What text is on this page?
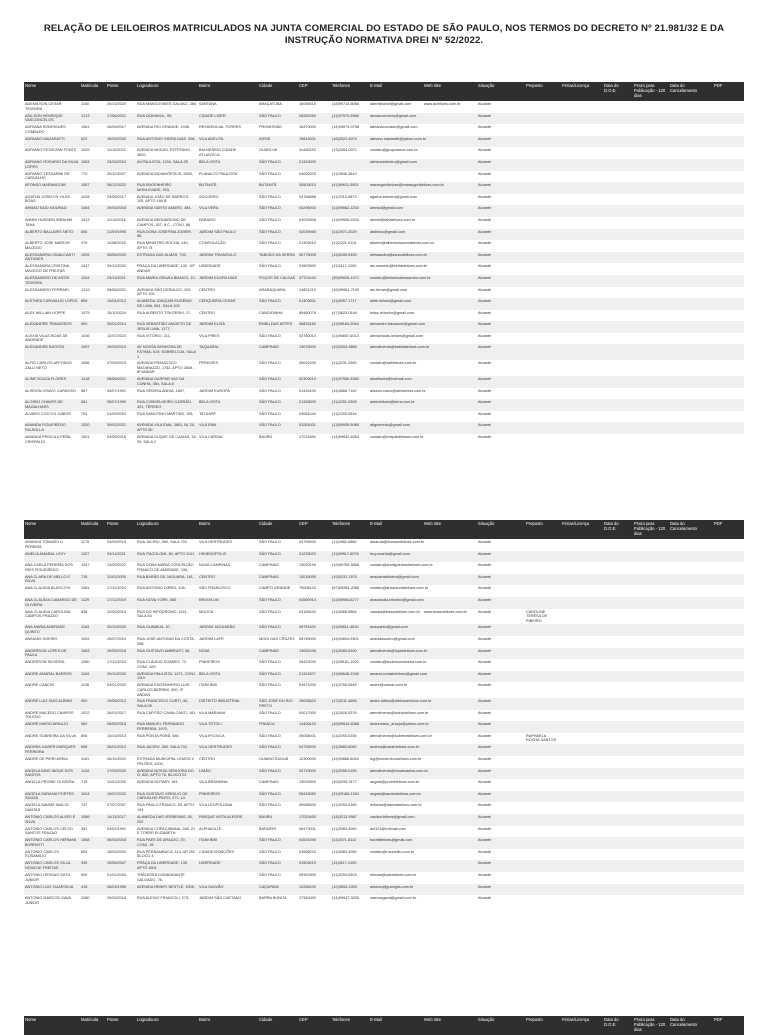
RELAÇÃO DE LEILOEIROS MATRICULADOS NA JUNTA COMERCIAL DO ESTADO DE SÃO PAULO, NOS TERMOS DO DECRETO Nº 21.981/32 E DA INSTRUÇÃO NORMATIVA DREI Nº 52/2022.
Nome	Matrícula	Posse	Logradouro	Bairro	Cidade	CEP	Telefones	E-Mail	Web Site	Situação	Preposto	Férias/Licença	Data do D.O.E.	Prazo para Publicação - 120 dias	Data do Cancelamento	PDF
ADEMILSON CESAR TEIXEIRA	1160	20/10/2020	RUA MANGOSIKES GALVAO, 380,	SANTANA	ARAÇATUBA	16056515	(18)99714-8066	ademilsonct@gmail.com	www.acleiloes.com.br	Atuante						
ADILSON HENRIQUE VASCONCELOS	1213	17/06/2021	RUA DOMINGA , 99,	CIDADE LIDER	SÃO PAULO	08280250	(11)97970-9988	ahvasconcelos@gmail.com		Atuante						
ADRIANA RODRIGUES CONRADO	1081	26/09/2017	AVENIDA RIO GRANDE, 1938,	RESIDENCIAL TORRES	PROMISSÃO	16370000	(14)99679-0758	adrianaconrado@gmail.com		Atuante						
ADRIANO MAZARATTI	622	15/03/2000	RUA ANTONIO VIEIRA DIAS, 594,	VILA ADELITA	ASSIS	19814001	(18)3322-6074	adriano.mazaratti@yahoo.com.br		Atuante						
ADRIANO PIOVEZAN FONTE	1029	11/10/2022	AVENIDA MIGUEL ESTEFANO, 3820,	BALNEÁRIO CIDADE ATLANTICA	GUARUJÁ	11440533	(13)3354-0071	contato@grupolance.com.br		Atuante						
ADRIANO ROSARIO DA SILVA LOPES	1084	23/03/2024	AV.PAULISTA, 1294, SALA 2E	BELA VISTA	SÃO PAULO	01310000		adrianoleiloeiro@gmail.com		Atuante						
ADRIANO TESSARINI DE CARVALHO	770	20/10/2007	AVENIDA INDIANÓPOLIS, 2826,	PLANALTO PAULISTA	SÃO PAULO	04062003	(11)3846-3810			Atuante						
AFONSO MARANGONI	1067	06/12/2022	RUA ENGENHEIRO MONLEVADE, 915,	BUTANTÃ	BUTANTÃ	05503010	(41)99611-9501	marangonileiloes@marangonileiloes.com.br		Atuante						
AGATHA JOSELYN VILAS BOAS	1028	23/06/2017	AVENIDA JOÃO DE BARROS, 105, APTO 166 B	SOCORRO	SÃO PAULO	04766898	(11)3313-5873	agatha.leiloeira@gmail.com		Atuante						
AHMAD SAID MOURAD	1084	29/03/2018	AVENIDA SANTO AMARO, 484,	VILA VERA	SÃO PAULO	04296000	(11)99662-1234	ahmad@gmail.com		Atuante						
AHMID HUSSEIN IBRAHIM TAHA	1013	11/10/2016	AVENIDA BERNARDINO DE CAMPOS, 327, 8 C - CONJ. 86	PARAÍSO	SÃO PAULO	04004906	(11)99906-0333	ahmid@tahaleiloes.com.br		Atuante						
ALBERTO BALLARIS NETO	806	21/09/1995	RUA DONA JOSEFINA ZOMER, 86,	JARDIM SÃO PAULO	SÃO PAULO	02039060	(11)2971-2029	ataleilos@gmail.com		Atuante						
ALBERTO JOSE MARCHI MACEDO	979	11/08/2015	RUA MINISTRO ROCHA, 145, APTO 74	CONSOLAÇÃO	SÃO PAULO	01303010	(11)2221-0101	alberto@albertomacedoleiloes.com.br		Atuante						
ALESSANDRA CAVALCANTI ANTUNES	1005	05/06/2020	ESTRADA DAS ALMAS, 700,	JARDIM TRIANGULO	TABOÃO DA SERRA	06775005	(11)5039-9339	alessandra@santosleiloes.com.br		Atuante						
ALESSANDRA CRISTINA MACEDO DE FREITAS	1047	09/12/2020	PRAÇA DA LIBERDADE, 130, 10º ANDAR	LIBERDADE	SÃO PAULO	01503900	(11)3117-1000	ale.macedo@freitasleiloes.com.br		Atuante						
ALESSANDRO DE ASSIS TEIXEIRA	1264	23/11/2021	RUA MARIA GRAZIA BIANCO, 10,	JARDIM ELVIRA DIAS	POÇOS DE CALDAS	37704104	(35)99626-1071	contato@leiloeiroalessandro.com.br		Atuante						
ALESSANDRO FERRARI	1219	08/06/2021	AVENIDA SÃO GERALDO, 209, APTO 102	CENTRO	ARARAQUARA	14801210	(16)99961-7100	ale.ferrari@gmail.com		Atuante						
ALETHEA CARVALHO LOPES	899	10/04/2012	ALAMEDA JOAQUIM EUGÊNIO DE LIMA, 881, SALA 106	CERQUEIRA CESAR	SÃO PAULO	01403001	(11)9957-1717	aleth.leiloes@gmail.com		Atuante						
ALEX WILLIAN HOPPE	1075	15/10/2024	RUA ALBERTO TOKORSKI, 17,	CENTRO	CANDIDINHA	89460078	(47)3623-0164	leilao.leiloeiro@gmail.com		Atuante						
ALEXANDRE TRAVASSOS	900	30/01/2014	RUA SEBASTIÃO ANCIETO DE JESUS LIMA, 1177,	JARDIM ELISA	EMBU DAS ARTES	06833160	(11)98164-2064	alexandre.travassos@gmail.com		Atuante						
ALEXIA VILAS BOAS DE ANDRADE	1036	12/07/2023	RUA VITÓRIO, 211,	VILA PIRES	SÃO PAULO	03780010	(11)96657-6013	alexiavboas.leiloes@gmail.com		Atuante						
ALEXANDRE BATISTA	1097	19/03/2019	AV NOSSA SENHORA DE FÁTIMA, 619, SOBRELOJA, SALA 1	TAQUARAL	CAMPINAS	13076000	(19)3263-9880	atendimento@batistaleiloes.com.br		Atuante						
ALFIO CARLOS AFFONSO ZALLI NETO	1066	27/03/2019	AVENIDA FRANCISCO MATARAZZO, 1752, APTO 2808 - 8º ANDAR	PERDIZES	SÃO PAULO	05001200	(11)3231-0350	contato@zallileiloes.com.br		Atuante						
ALINE SOUZA FLORES	1218	08/06/2021	AVENIDA GASPAR VAZ DA CUNHA, 384, SALA 8		SÃO PAULO	02309010	(11)97556-3380	alineflores@hotmail.com		Atuante						
ALISSON CRAVO CARDOSO	987	05/07/1991	RUA GROENLANDIA, 1897,	JARDIM EUROPA	SÃO PAULO	01434100	(11)3868-7162	alisson.cravo@aleiloeiros.com.br		Atuante						
ALOISIO CHAVES DE MAGALHAES	851	05/07/1990	RUA CONSELHEIRO CARRÃO, 401, TÉRREO	BELA VISTA	SÃO PAULO	01328000	(11)3251-0305	antenleiloes@terra.com.br		Atuante						
ALVARO COCCHI JUNIOR	704	21/09/2004	RUA SAMUTINO MARTINS, 193,	TATUAPÉ	SÃO PAULO	03081040	(11)2293-0816			Atuante						
AMANDA FIGUEIREDO FALSOLLA	1200	09/02/2021	AVENIDA VILA EMA, 3881, BL 20, APTO 80	VILA EMA	SÃO PAULO	03281001	(11)95939-9088	afigueiredo@gmail.com		Atuante						
AMANDA PRISCILA PEÑA CRISPALDI	1001	03/05/2016	AVENIDA DUQUE DE CAXIAS, 18-29, SALA 2	VILA CARDIA	BAURU	17011066	(14)99832-6354	contato@crispaldileiloes.com.br		Atuante						
Nome	Matrícula	Posse	Logradouro	Bairro	Cidade	CEP	Telefones	E-Mail	Web Site	Situação	Preposto	Férias/Licença	Data do D.O.E.	Prazo para Publicação - 120 dias	Data do Cancelamento	PDF
AMANDA TOMAZELLI PEREIRA	1175	24/09/2019	RUA JACIRU, 360, SALA 702	VILA GERTRUDES	SÃO PAULO	04795000	(11)2682-0880	amanda@tomazelleiloes.com.br		Atuante						
AMELIA AMARAL LEVY	1257	03/11/2021	RUA ITACOLOMI, 60, APTO 1101	HIGIENÓPOLIS	SÃO PAULO	01239020	(11)99917-6076	levy.amelia@gmail.com		Atuante						
ANA CARLA PEREIRA DOS REIS FIGUEIREDO	1047	13/09/2022	RUA DONA MARIA CONCEIÇÃO FRANCO DE ANDRADE, 196,	NOVA CAMPINAS	CAMPINAS	13092199	(19)99765-5566	contato@anafigueiredoleiloes.com.br		Atuante						
ANA CLARA DE MELLO E SILVA	716	11/01/2005	RUA BARÃO DE JAGUARA, 161,	CENTRO	CAMPINAS	13015095	(19)3231-7670	anaclaraleiloeira@gmail.com		Atuante						
ANA CLAUDIA BLASCZYK	1081	17/12/2024	RUA ANTONIO DIRRO, 108,	SÃO FRANCISCO	CAMPO GRANDE	79008120	(67)99264-2086	contato@anaclaudialeiloes.com.br		Atuante						
ANA CLAUDIA CAMARGO DE OLIVEIRA	1129	17/12/2019	RUA NOVA YORK, 685	BROOKLIN	SÃO PAULO	04560914	(11)98984-6277	anaclaudia.leiloeira@gmail.com		Atuante						
ANA CLAUDIA CAROLINA CAMPOS FRAZAO	836	22/09/2010	RUA DO HIPÓDROMO, 1141, SALA 54	MOOCA	SÃO PAULO	03165100	(11)3065-9864	claudia@frazaoleiloes.com.br	www.frazaoleiloes.com.br	Atuante	CAROLINE TERESA DE RIBEIRO					
ANA MARIA ANDRADE QUINTO	1163	20/10/2020	RUA GUAMIUA, 67,	JARDIM JAGUARÃO	SÃO PAULO	05791100	(11)96611-4610	anaquinto@gmail.com		Atuante						
ANANIAS SOEIRO	1002	25/07/2024	RUA JOSÉ ANTONIO DA COSTA, 598,	JARDIM LAPE	MOGI DAS CRUZES	08745000	(11)94694-9301	ananiassoeiro@gmail.com		Atuante						
ANDERSON LOPES DE PAULA	1063	29/05/2018	RUA GUSTAVO AMBRUST, 36,	NOVA	CAMPINAS	13092106	(11)3083-6300	atendimento@lopesleiloes.com.br		Atuante						
ANDERSON SILVEIRA	1080	17/12/2024	RUA CLÁUDIO SOARES, 72, CONJ. 620	PINHEIROS	SÃO PAULO	05422030	(11)98161-1020	contato@andersonsilveira.com.br		Atuante						
ANDRE AMARAL BARROS	1164	20/10/2020	AVENIDA PAULISTA, 1471, CONJ. 1110	BELA VISTA	SÃO PAULO	01311927	(11)96648-1046	amaral.contatoleiloes@gmail.com		Atuante						
ANDRE CANCIN	1135	03/01/2020	AVENIDA ENGENHEIRO LUIS CARLOS BERRINI, 550, 4º ANDAR	ITAIM BIBI	SÃO PAULO	04571000	(11)3763-0645	andre@cancin.com.br		Atuante						
ANDRE LUIZ DIAS ALBINO	900	19/06/2012	RUA FRANCISCO CURTI, 40, SALA 08	DISTRITO INDUSTRIAL	SÃO JOSÉ DO RIO PRETO	15035620	(17)3211-4666	andre.albino@albinoservicos.com.br		Atuante						
ANDRÉ MACEDO CAMPOS TOLEDO	1022	26/01/2017	RUA CAPITÃO CAVALCANTI, 181,	VILA MARIANA	SÃO PAULO	04017000	(11)2626-5376	atendimento@toledoleiloes.com.br		Atuante						
ANDRÉ MARIO ARAUJO	962	08/05/2015	RUA MANUEL FERNANDO FERREIRA, 1970,	VILA TOTOLI	FRANCA	14409120	(16)99514-8388	andremario_araujo@yahoo.com.br		Atuante						
ANDRE SOBREIRA DA SILVA	806	13/10/2013	RUA PONTA PORÃ, 580,	VILA IPOJUCA	SÃO PAULO	05058001	(11)2093-0155	atendimento@sobreiraleiloes.com.br		Atuante	RAPHAELA ROCHA SANTOS					
ANDREA XAVIER MARQUES FERREIRA	898	26/01/2012	RUA JACIRU, 360, SALA 702,	VILA GERTRUDES	SÃO PAULO	04795000	(11)3883-6060	andrea@xavierleiloes.com.br		Atuante						
ANDRÉ DE PIERI AREIA	1161	06/10/2020	ESTRADA MUNICIPAL LEMOS X PELÕES, 1000,	CENTRO	GUAINOTIAGUÁ	12300000	(11)99868-6064	mg@smservicosleiloes.com.br		Atuante						
ANGELA BINO INOUE DOS SANTOS	1134	17/03/2020	AVENIDA NOSSA SENHORA DO Ó, 820, APTO 76, BLOCO 01	LIMÃO	SÃO PAULO	02715000	(11)3955-0150	atendimento@inouesantos.com.br		Atuante						
ANGELA PROINE OLIVEIRA	715	11/01/2005	AVENIDA NOTARY, 181,	VILA BRANDINA	CAMPINAS	13092509	(19)3295-9177	angela@proineleiloes.com.br		Atuante						
ANGELA SARAIVA PORTES SOUZA	1024	19/07/2022	RUA GUSTAVO VIRGILIO DE CARVALHO PINTO, 271, 14	PINHEIROS	SÃO PAULO	05415050	(31)99188-1304	angela@saraivaleiloes.com.br		Atuante						
ANGELA SAVARI INACIO DANTAS	747	27/07/2007	RUA PAULO FRANCO, 83, APTO 194	VILA LEOPOLDINA	SÃO PAULO	05085000	(11)3053-0180	leiloeira@dantasleiloes.com.br		Atuante						
ANTONIO CARLOS ALVES E SILVA	1086	14/11/2017	ALAMEDA DAS VERBENAS, 50, 202	PARQUE VISTA ALEGRE	BAURU	17020450	(14)3213-9987	casilva.leiloes@gmail.com		Atuante						
ANTONIO CARLOS CELSO SANTOS FRAZAO	351	03/02/1991	AVENIDA COPACABANA, 268, 21 E TORRE ELIZABETH	ALPHAVILLE	BARUERI	06472001	(11)3083-3050	acf123@hotmail.com		Atuante						
ANTONIO CARLOS HERMAN BORRATTI	1068	06/03/2018	RUA PAES DE ARAÚJO, 29, CONJ. 26	ITAIM BIBI	SÃO PAULO	04531090	(11)3071-8111	borattileiloes@gmail.com		Atuante						
ANTONIO CARLOS ROSAMILIO	604	15/03/2000	RUA PERNAMBUCA, 113, AP 202 BLOCO 3	CIDADE MONÇÕES	SÃO PAULO	04566020	(11)3083-3050	contato@rosamilio.com.br		Atuante						
ANTONIO CARLOS VILLA NOVA DE FREITAS	939	19/06/2007	PRAÇA DA LIBERDADE, 130, APTO 1601	LIBERDADE	SÃO PAULO	01503010	(11)3117-1000			Atuante						
ANTONIO HESSAO SATO JUNIOR	690	01/01/2004	TRAVESSA COMANDANTE SALGADO, 76,		SÃO PAULO	09320300	(11)3203-0303	sheraa@satoleiloes.com.br		Atuante						
ANTONIO LUIZ GUARIGLIA	415	26/03/1996	AVENIDA HENRY NESTLÉ, 1908,	VILA GALVÃO	CAÇAPAVA	12286100	(12)3653-1000	antonio@guariglia.com.br		Atuante						
ANTONIO MARCOS GAVA JUNIOR	1080	29/03/2018	RUA ALEIXO FRANCOLI, 273,	JARDIM SÃO CAETANO	BARRA BONITA	17340000	(14)99947-3209	marcosgava@gmail.com.br		Atuante						
Nome	Matrícula	Posse	Logradouro	Bairro	Cidade	CEP	Telefones	E-Mail	Web Site	Situação	Preposto	Férias/Licença	Data do D.O.E.	Prazo para Publicação - 120 dias	Data do Cancelamento	PDF
